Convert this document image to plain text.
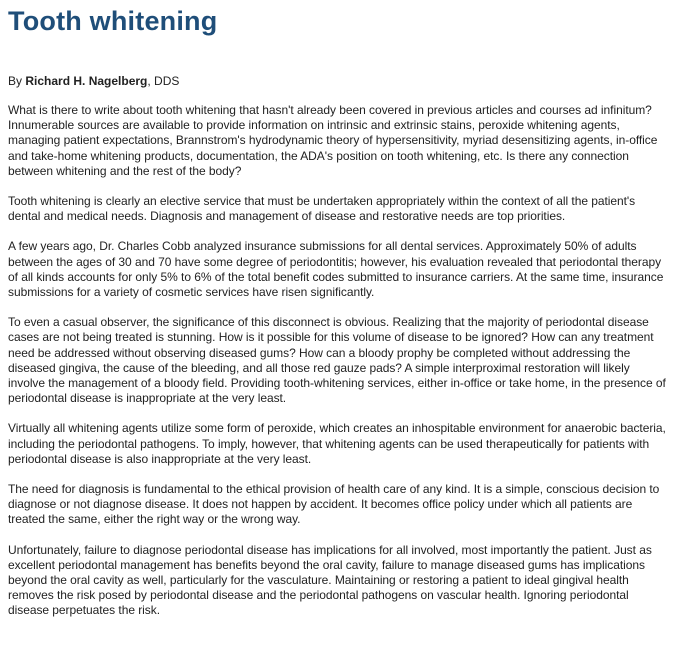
Tooth whitening

By Richard H. Nagelberg, DDS

What is there to write about tooth whitening that hasn't already been covered in previous articles and courses ad infinitum? Innumerable sources are available to provide information on intrinsic and extrinsic stains, peroxide whitening agents, managing patient expectations, Brannstrom's hydrodynamic theory of hypersensitivity, myriad desensitizing agents, in-office and take-home whitening products, documentation, the ADA's position on tooth whitening, etc. Is there any connection between whitening and the rest of the body?

Tooth whitening is clearly an elective service that must be undertaken appropriately within the context of all the patient's dental and medical needs. Diagnosis and management of disease and restorative needs are top priorities.

A few years ago, Dr. Charles Cobb analyzed insurance submissions for all dental services. Approximately 50% of adults between the ages of 30 and 70 have some degree of periodontitis; however, his evaluation revealed that periodontal therapy of all kinds accounts for only 5% to 6% of the total benefit codes submitted to insurance carriers. At the same time, insurance submissions for a variety of cosmetic services have risen significantly.

To even a casual observer, the significance of this disconnect is obvious. Realizing that the majority of periodontal disease cases are not being treated is stunning. How is it possible for this volume of disease to be ignored? How can any treatment need be addressed without observing diseased gums? How can a bloody prophy be completed without addressing the diseased gingiva, the cause of the bleeding, and all those red gauze pads? A simple interproximal restoration will likely involve the management of a bloody field. Providing tooth-whitening services, either in-office or take home, in the presence of periodontal disease is inappropriate at the very least.

Virtually all whitening agents utilize some form of peroxide, which creates an inhospitable environment for anaerobic bacteria, including the periodontal pathogens. To imply, however, that whitening agents can be used therapeutically for patients with periodontal disease is also inappropriate at the very least.

The need for diagnosis is fundamental to the ethical provision of health care of any kind. It is a simple, conscious decision to diagnose or not diagnose disease. It does not happen by accident. It becomes office policy under which all patients are treated the same, either the right way or the wrong way.

Unfortunately, failure to diagnose periodontal disease has implications for all involved, most importantly the patient. Just as excellent periodontal management has benefits beyond the oral cavity, failure to manage diseased gums has implications beyond the oral cavity as well, particularly for the vasculature. Maintaining or restoring a patient to ideal gingival health removes the risk posed by periodontal disease and the periodontal pathogens on vascular health. Ignoring periodontal disease perpetuates the risk.
